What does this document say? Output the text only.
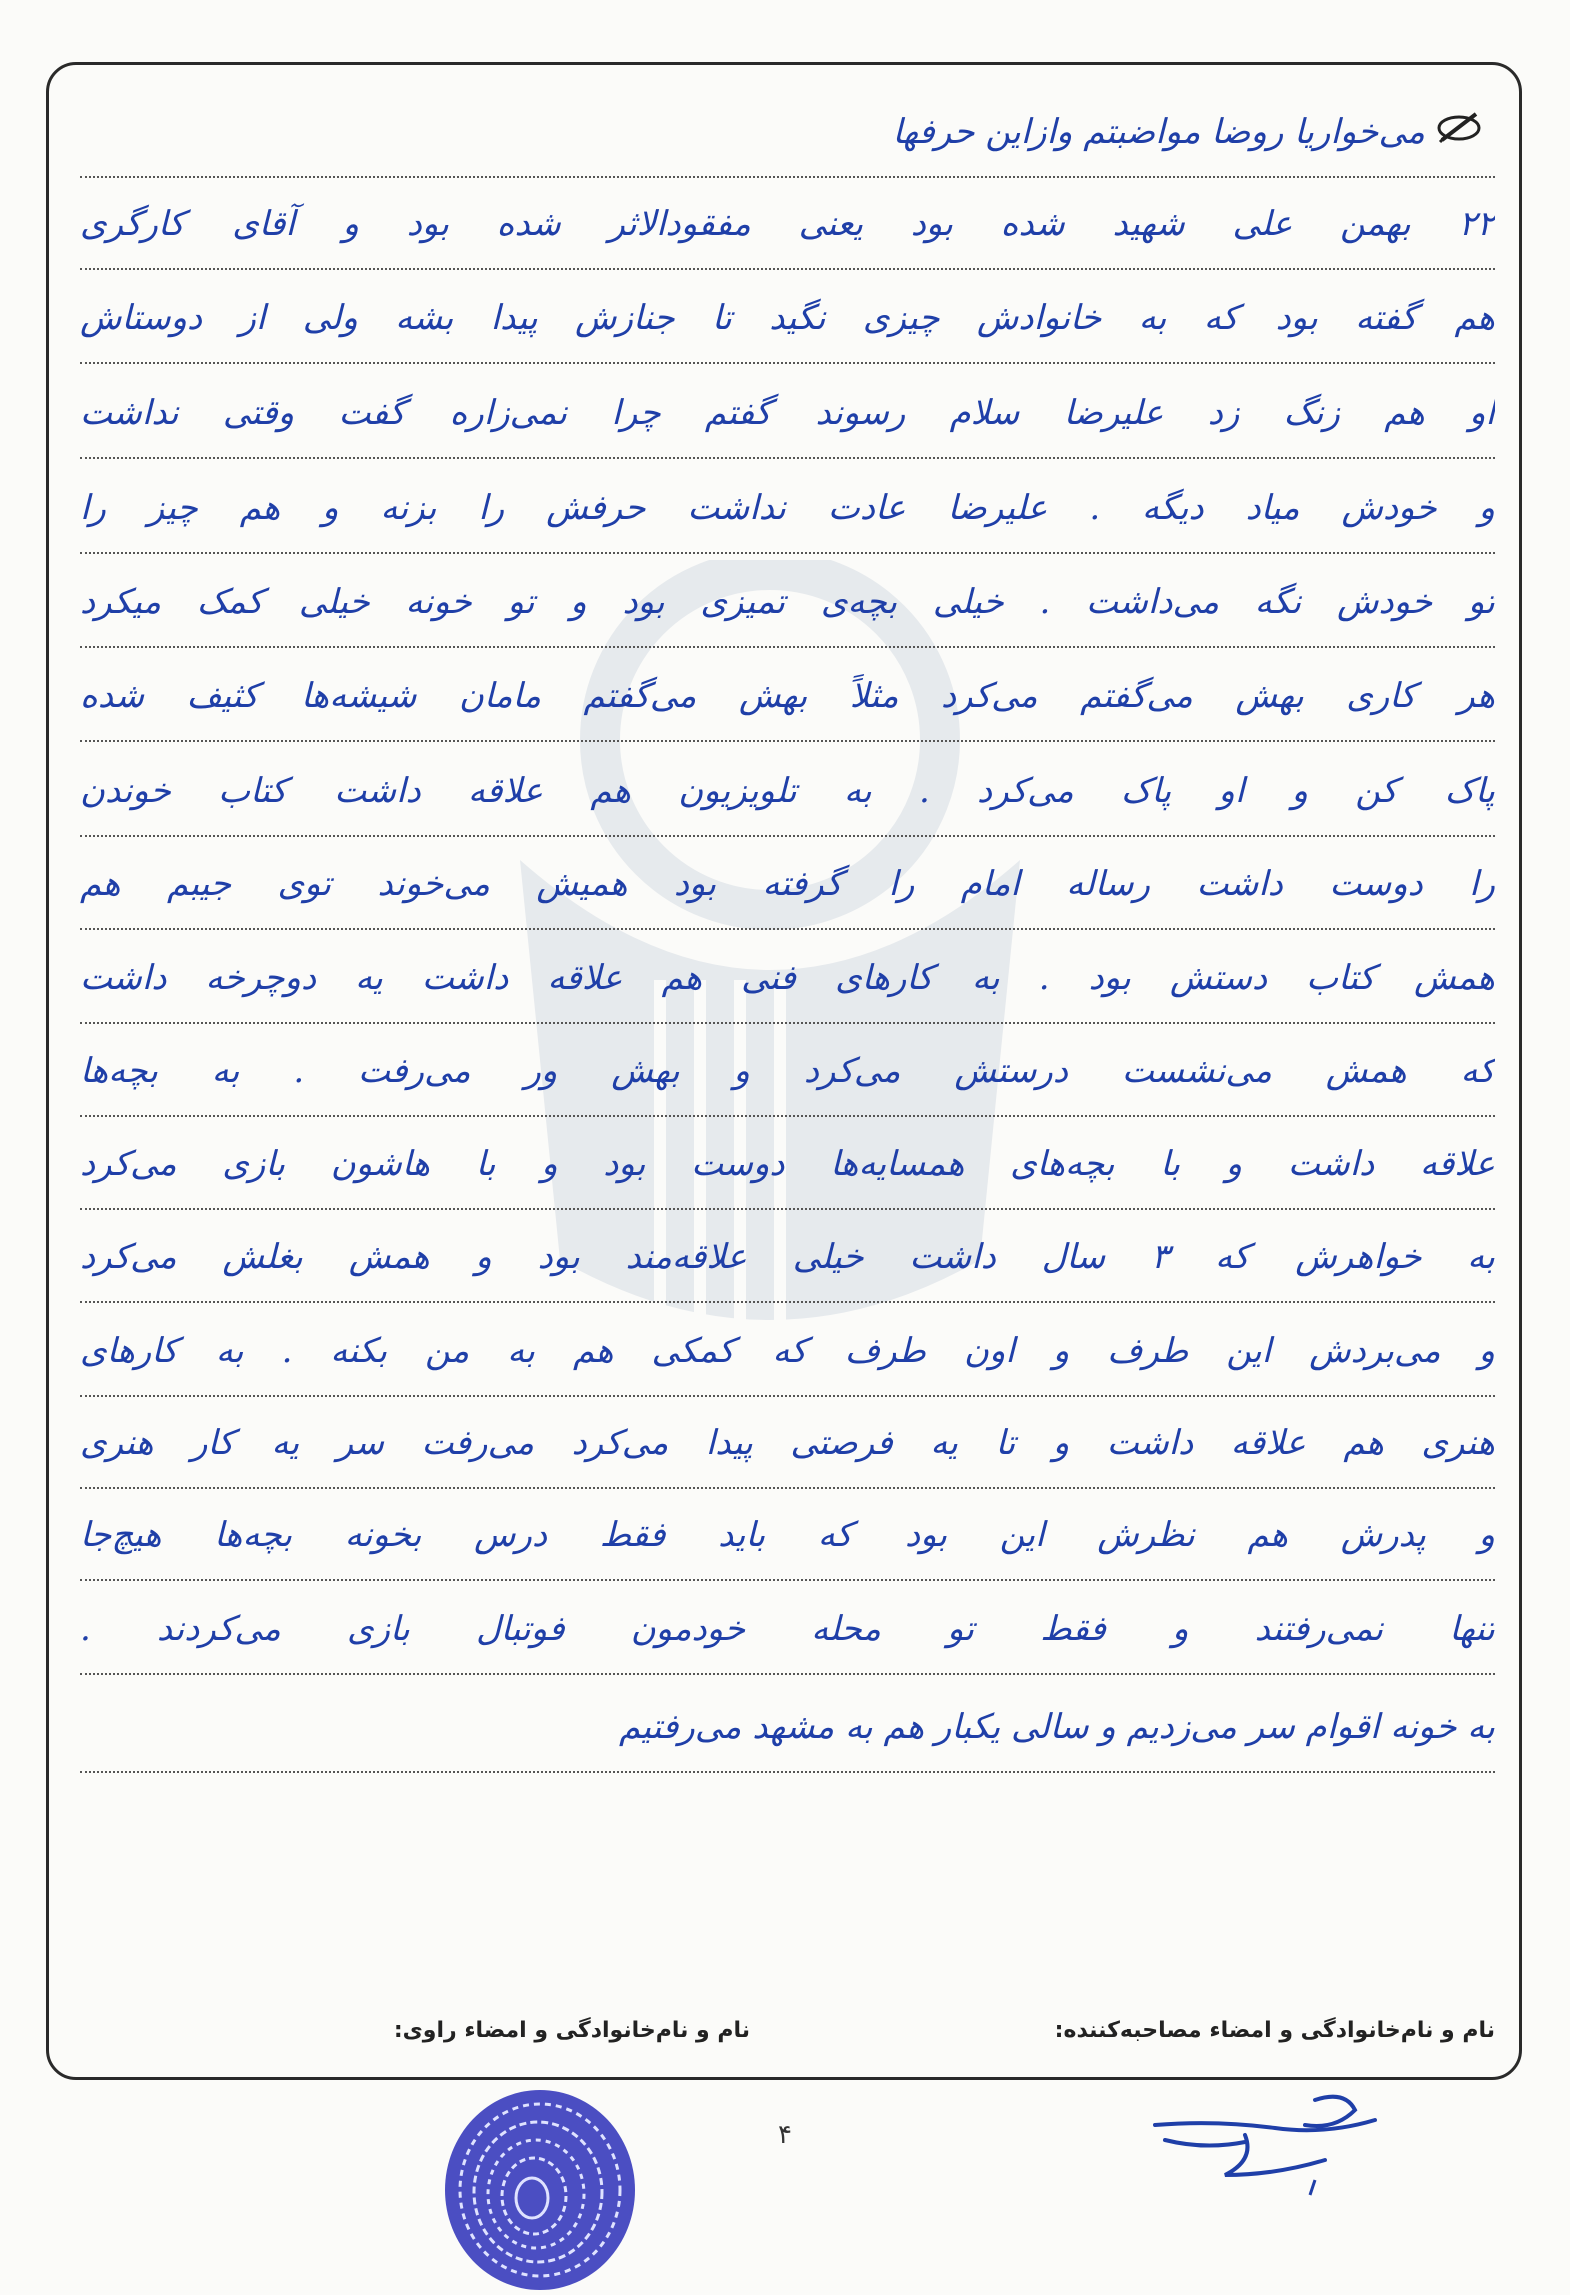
می‌خواریا روضا مواضبتم وازاین حرفها
۲۲ بهمن علی شهید شده بود یعنی مفقودالاثر شده بود و آقای کارگری
هم گفته بود که به خانوادش چیزی نگید تا جنازش پیدا بشه ولی از دوستاش
او هم زنگ زد علیرضا سلام رسوند گفتم چرا نمی‌زاره گفت وقتی نداشت
و خودش میاد دیگه . علیرضا عادت نداشت حرفش را بزنه و هم چیز را
تو خودش نگه می‌داشت . خیلی بچه‌ی تمیزی بود و تو خونه خیلی کمک میکرد
هر کاری بهش می‌گفتم می‌کرد مثلاً بهش می‌گفتم مامان شیشه‌ها کثیف شده
پاک کن و او پاک می‌کرد . به تلویزیون هم علاقه داشت کتاب خوندن
را دوست داشت رساله امام را گرفته بود همیش می‌خوند توی جیبم هم
همش کتاب دستش بود . به کارهای فنی هم علاقه داشت یه دوچرخه داشت
که همش می‌نشست درستش می‌کرد و بهش ور می‌رفت . به بچه‌ها
علاقه داشت و با بچه‌های همسایه‌ها دوست بود و با هاشون بازی می‌کرد
به خواهرش که ۳ سال داشت خیلی علاقه‌مند بود و همش بغلش می‌کرد
و می‌بردش این طرف و اون طرف که کمکی هم به من بکنه . به کارهای
هنری هم علاقه داشت و تا یه فرصتی پیدا می‌کرد می‌رفت سر یه کار هنری
و پدرش هم نظرش این بود که باید فقط درس بخونه بچه‌ها هیچ‌جا
تنها نمی‌رفتند و فقط تو محله خودمون فوتبال بازی می‌کردند .
به خونه اقوام سر می‌زدیم و سالی یکبار هم به مشهد می‌رفتیم
نام و نام‌خانوادگی و امضاء مصاحبه‌کننده:
نام و نام‌خانوادگی و امضاء راوی:
۴
